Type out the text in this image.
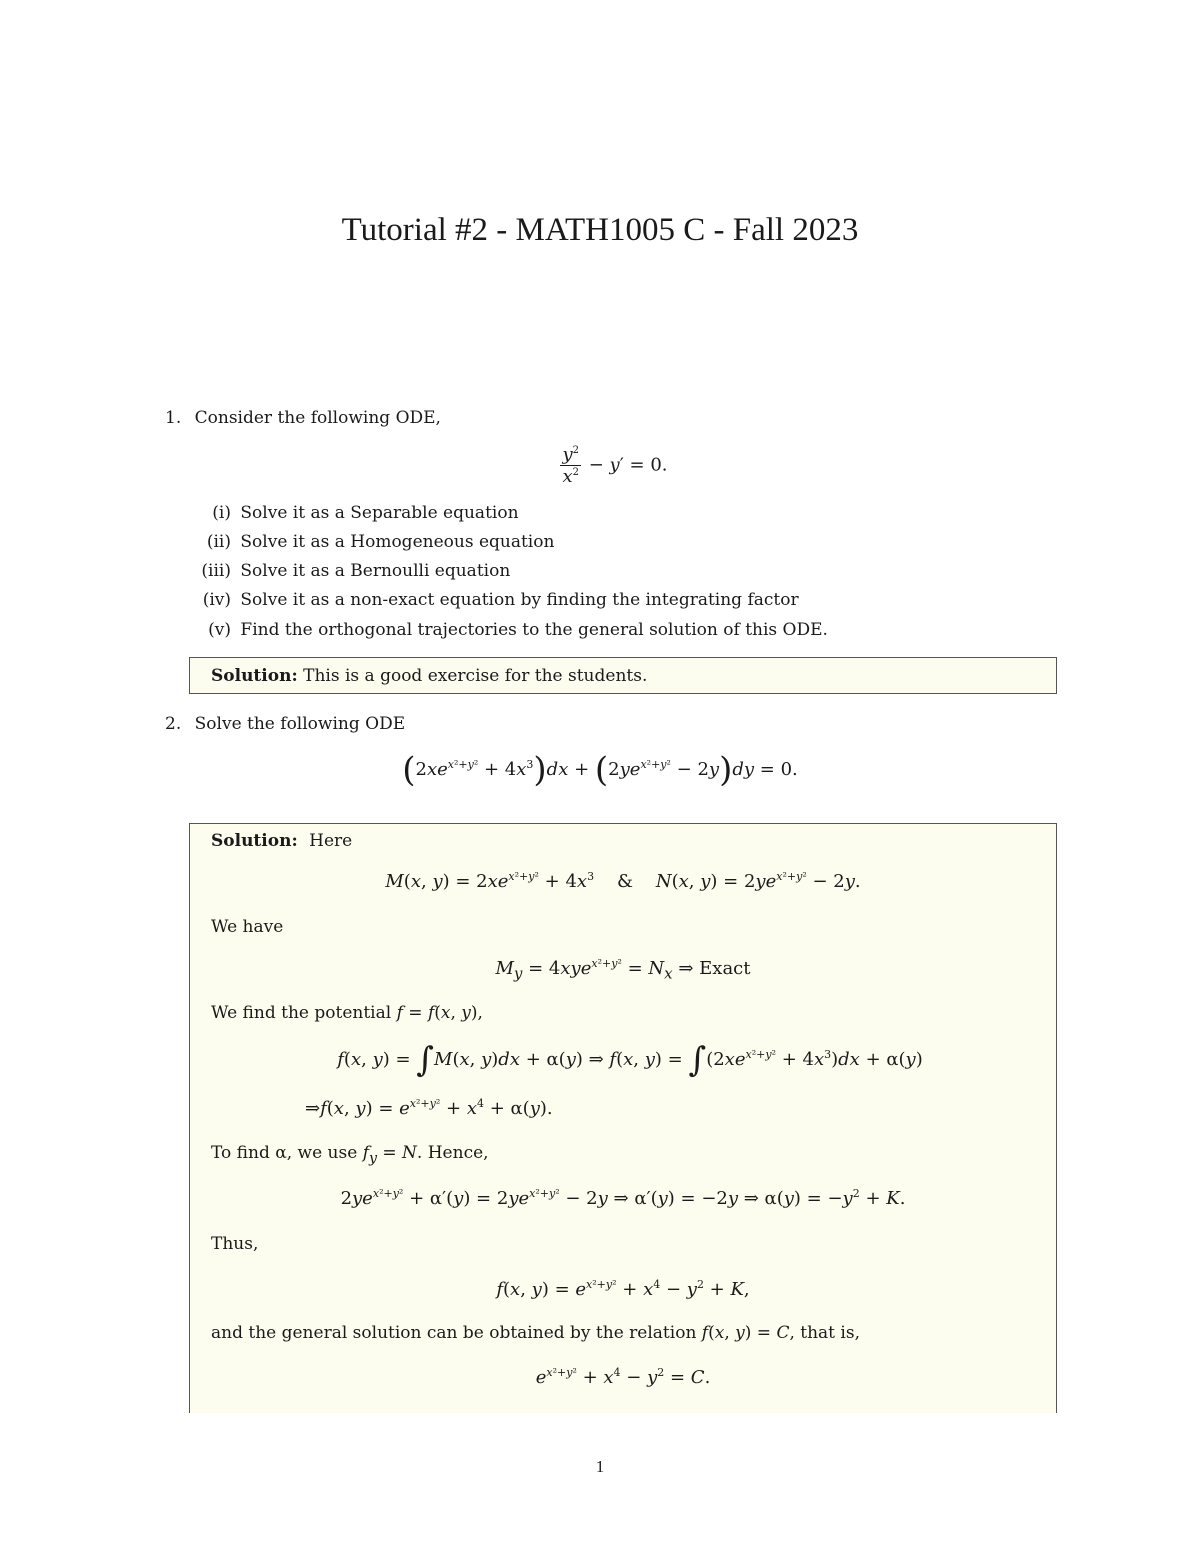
Tutorial #2 - MATH1005 C - Fall 2023
1. Consider the following ODE,
$\frac{y^2}{x^2} - y' = 0$.
(i) Solve it as a Separable equation
(ii) Solve it as a Homogeneous equation
(iii) Solve it as a Bernoulli equation
(iv) Solve it as a non-exact equation by finding the integrating factor
(v) Find the orthogonal trajectories to the general solution of this ODE.
Solution: This is a good exercise for the students.
2. Solve the following ODE
$(2xe^{x^2+y^2} + 4x^3)dx + (2ye^{x^2+y^2} - 2y)dy = 0$.
Solution: Here
M(x, $y) = 2xe^{x^2+y^2} + 4x^3$    &    N(x, $y) = 2ye^{x^2+y^2} - 2y$.
We have
$M_y = 4xye^{x^2+y^2} = N_x$ ⇒ Exact
We find the potential f = f(x, y),
f(x, y) = ∫M(x, y)dx + α(y) ⇒ f(x, $y) = \int(2xe^{x^2+y^2} + 4x^3)dx + \alpha(y)$
⇒f(x, $y) = e^{x^2+y^2} + x^4 + \alpha(y)$.
To find α, we use $f_y = N$. Hence,
$2ye^{x^2+y^2} + \alpha'(y) = 2ye^{x^2+y^2} - 2y$ ⇒ α′(y) = −2y ⇒ $\alpha(y) = -y^2 + K$.
Thus,
f(x, $y) = e^{x^2+y^2} + x^4 - y^2 + K$,
and the general solution can be obtained by the relation f(x, y) = C, that is,
$e^{x^2+y^2} + x^4 - y^2 = C$.
1
